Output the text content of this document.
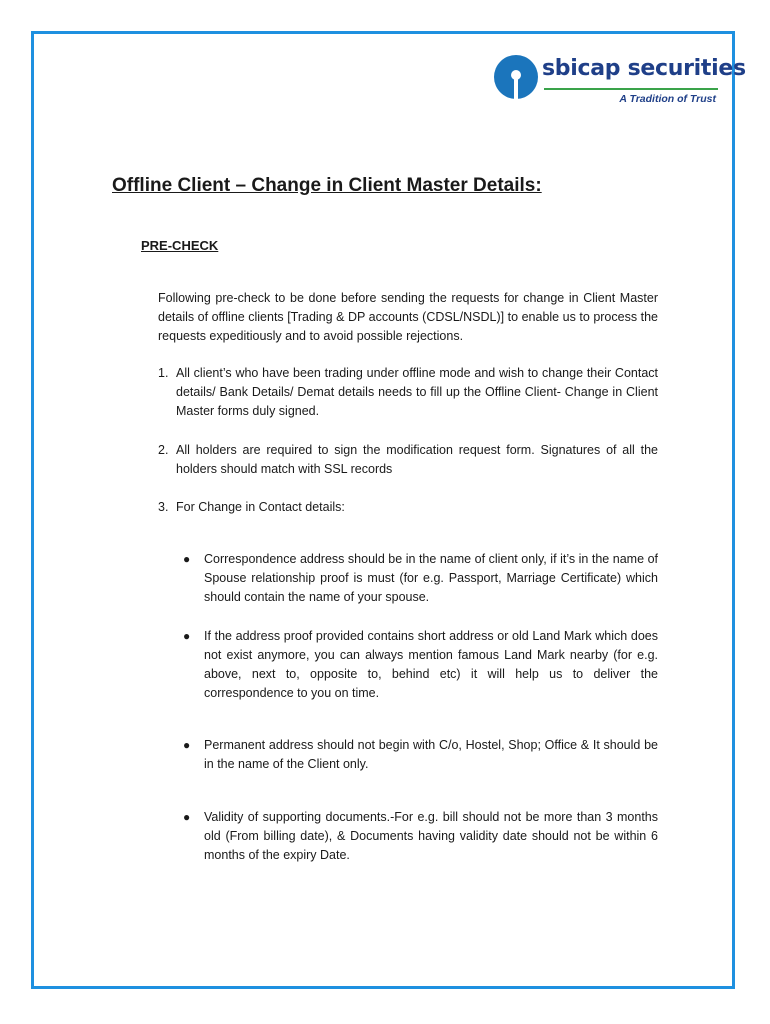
sbicap securities
A Tradition of Trust
Offline Client – Change in Client Master Details:
PRE-CHECK

Following pre-check to be done before sending the requests for change in Client Master details of offline clients [Trading & DP accounts (CDSL/NSDL)] to enable us to process the requests expeditiously and to avoid possible rejections.

1. All client’s who have been trading under offline mode and wish to change their Contact details/ Bank Details/ Demat details needs to fill up the Offline Client- Change in Client Master forms duly signed.
2. All holders are required to sign the modification request form. Signatures of all the holders should match with SSL records
3. For Change in Contact details:
●	Correspondence address should be in the name of client only, if it’s in the name of Spouse relationship proof is must (for e.g. Passport, Marriage Certificate) which should contain the name of your spouse.
●	If the address proof provided contains short address or old Land Mark which does not exist anymore, you can always mention famous Land Mark nearby (for e.g. above, next to, opposite to, behind etc) it will help us to deliver the correspondence to you on time.
●	Permanent address should not begin with C/o, Hostel, Shop; Office & It should be in the name of the Client only.
●	Validity of supporting documents.-For e.g. bill should not be more than 3 months old (From billing date), & Documents having validity date should not be within 6 months of the expiry Date.
